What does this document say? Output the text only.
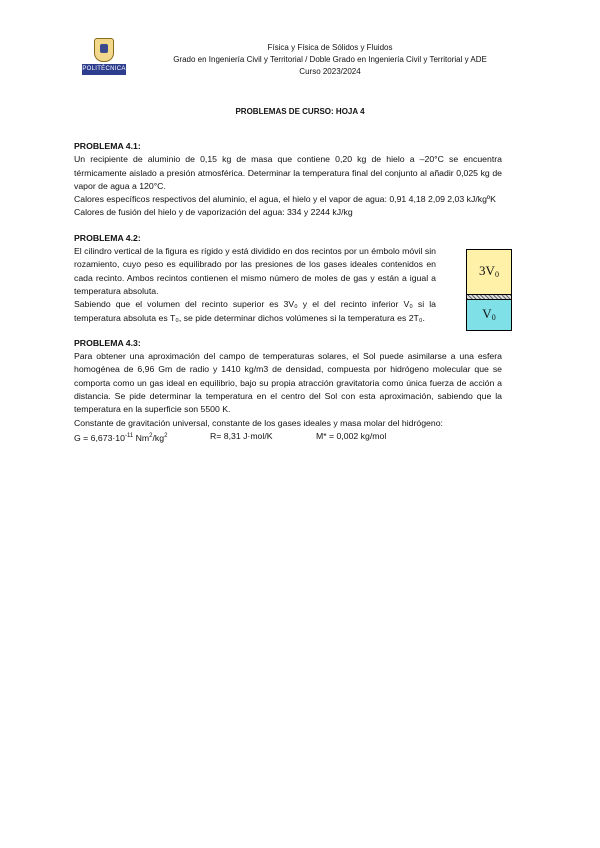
POLITÉCNICA
Física y Física de Sólidos y Fluidos
Grado en Ingeniería Civil y Territorial / Doble Grado en Ingeniería Civil y Territorial y ADE
Curso 2023/2024
PROBLEMAS DE CURSO: HOJA 4

PROBLEMA 4.1:

Un recipiente de aluminio de 0,15 kg de masa que contiene 0,20 kg de hielo a –20°C se encuentra térmicamente aislado a presión atmosférica. Determinar la temperatura final del conjunto al añadir 0,025 kg de vapor de agua a 120°C.

Calores específicos respectivos del aluminio, el agua, el hielo y el vapor de agua: 0,91 4,18 2,09 2,03 kJ/kgºK

Calores de fusión del hielo y de vaporización del agua: 334 y 2244 kJ/kg

PROBLEMA 4.2:

El cilindro vertical de la figura es rígido y está dividido en dos recintos por un émbolo móvil sin rozamiento, cuyo peso es equilibrado por las presiones de los gases ideales contenidos en cada recinto. Ambos recintos contienen el mismo número de moles de gas y están a igual a temperatura absoluta.

Sabiendo que el volumen del recinto superior es 3V₀ y el del recinto inferior V₀ si la temperatura absoluta es T₀, se pide determinar dichos volúmenes si la temperatura es 2T₀.

3V0
V0

PROBLEMA 4.3:

Para obtener una aproximación del campo de temperaturas solares, el Sol puede asimilarse a una esfera homogénea de 6,96 Gm de radio y 1410 kg/m3 de densidad, compuesta por hidrógeno molecular que se comporta como un gas ideal en equilibrio, bajo su propia atracción gravitatoria como única fuerza de acción a distancia. Se pide determinar la temperatura en el centro del Sol con esta aproximación, sabiendo que la temperatura en la superficie son 5500 K.

Constante de gravitación universal, constante de los gases ideales y masa molar del hidrógeno:

$G = 6,673\cdot 10^{-11}$ $Nm^2/kg^2$	R= 8,31 J·mol/K	M* = 0,002 kg/mol
